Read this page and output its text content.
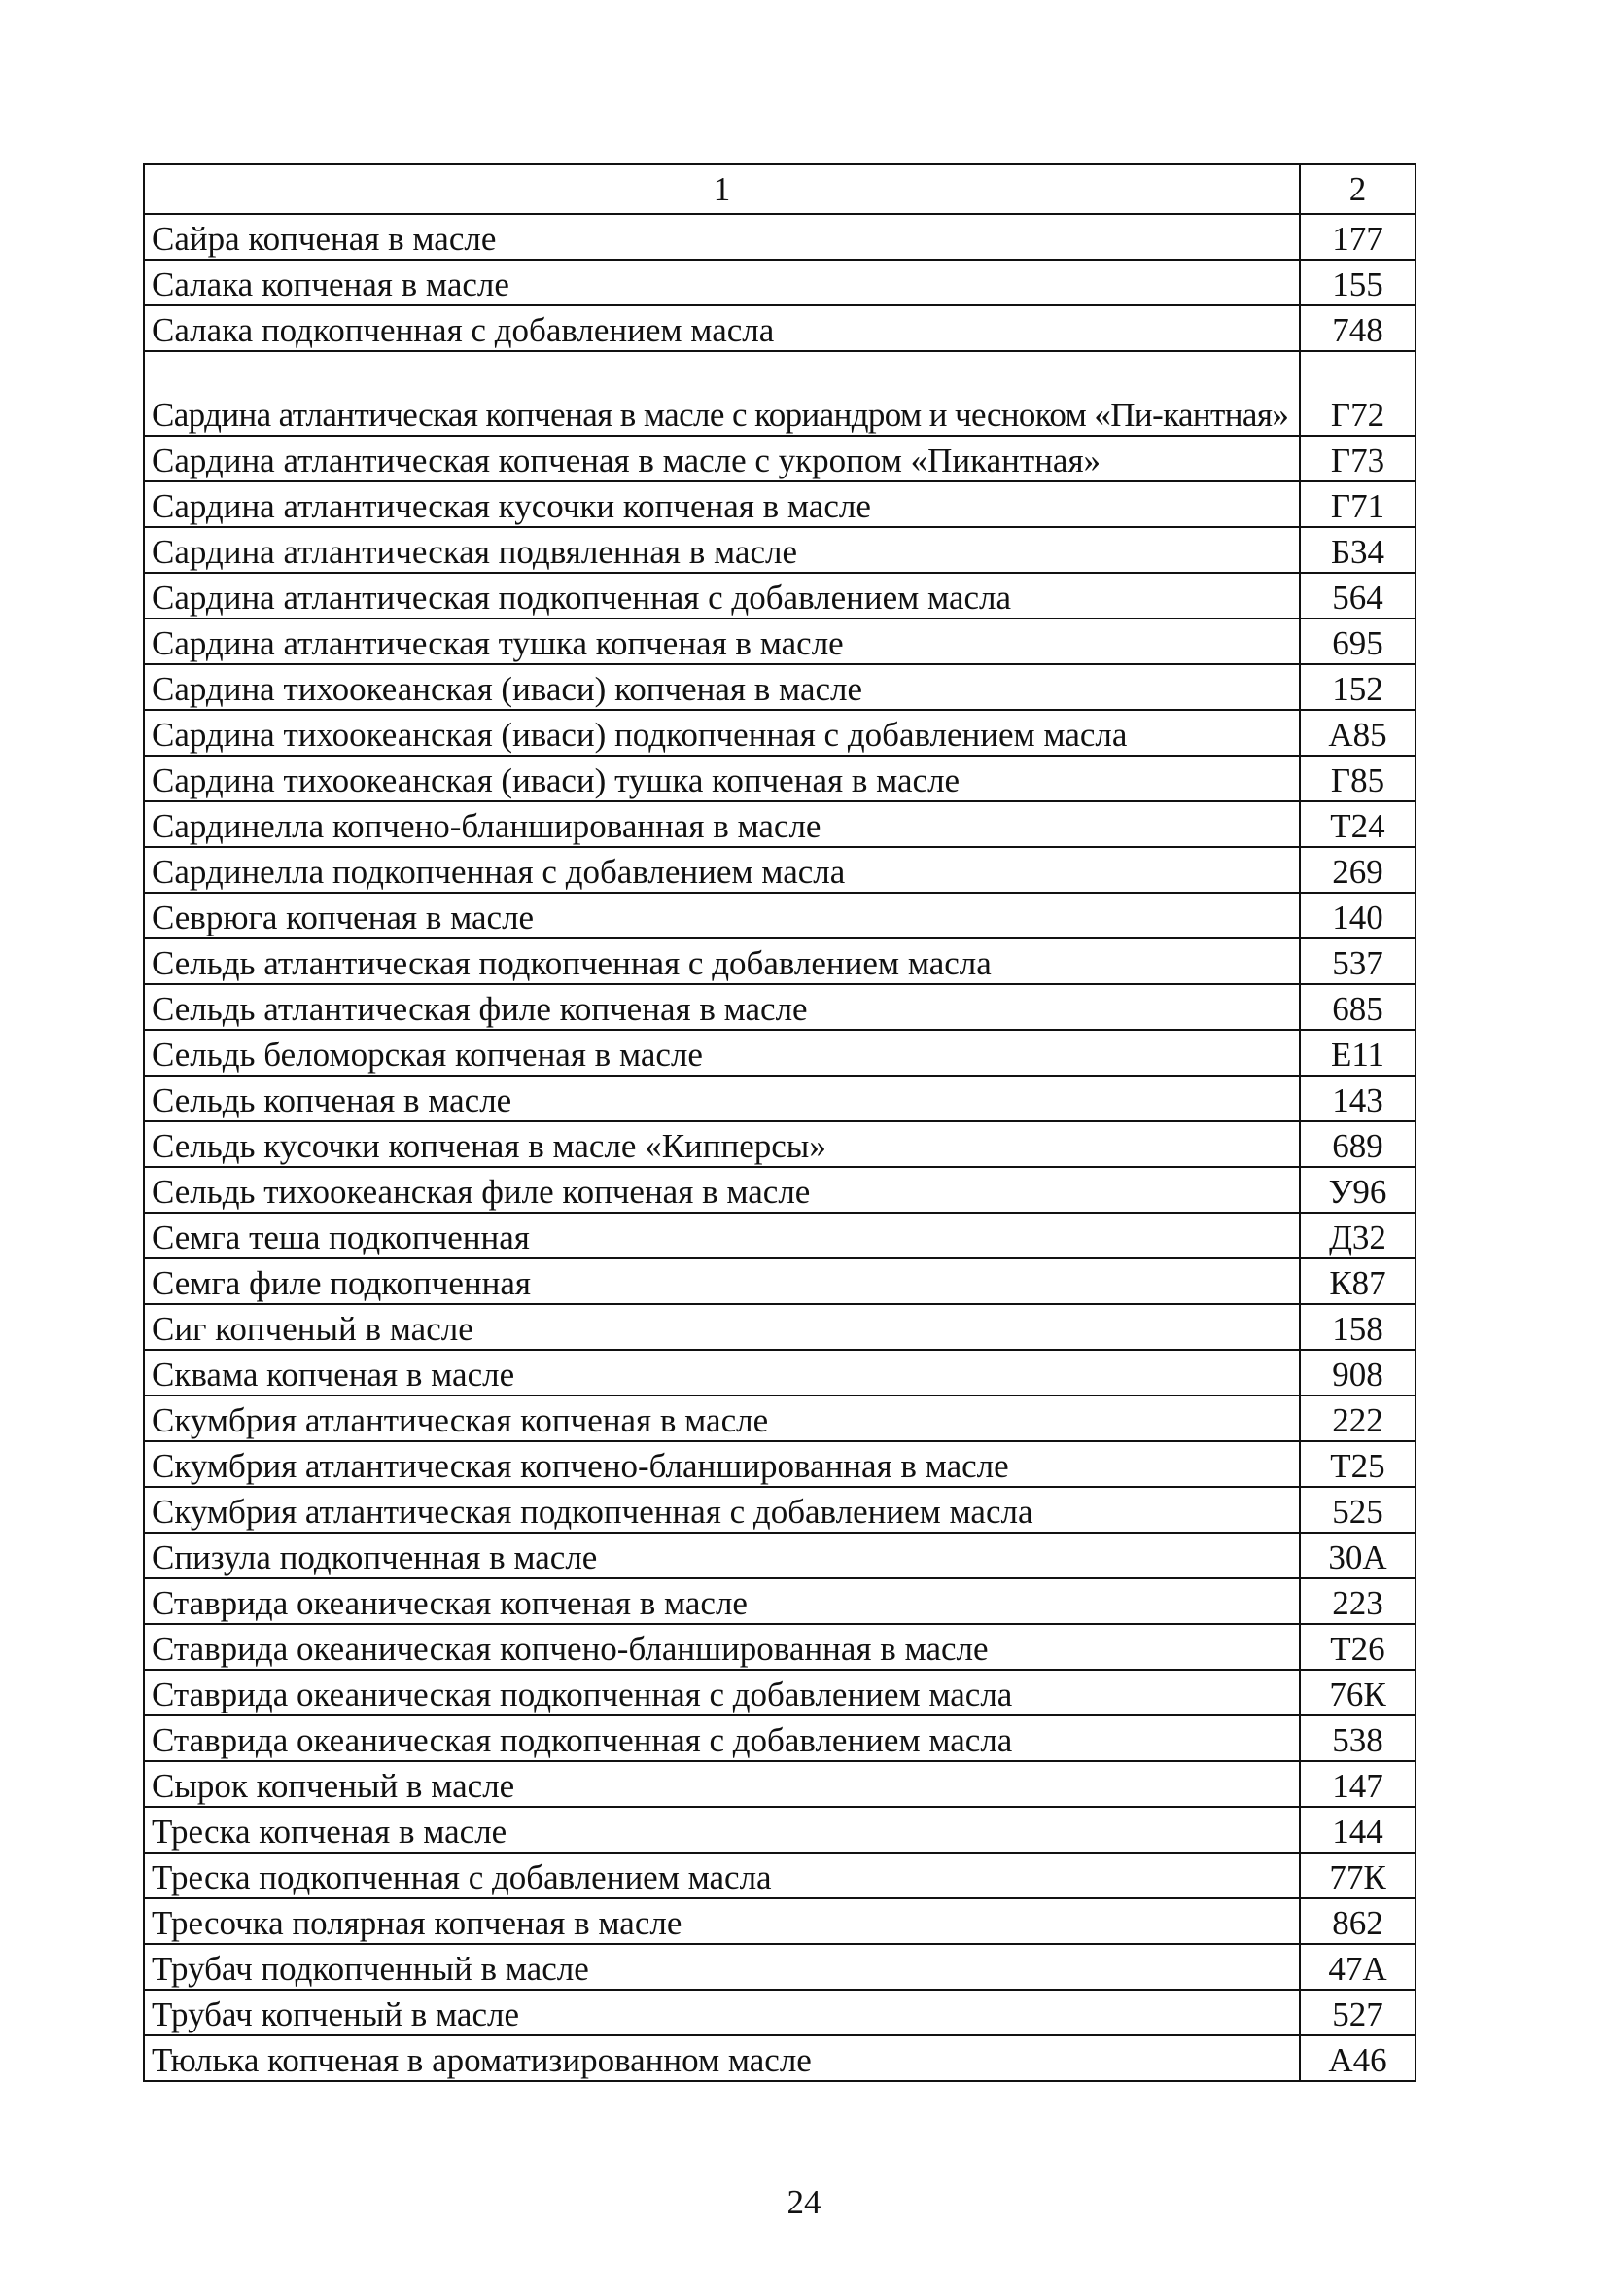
1	2
Сайра копченая в масле	177
Салака копченая в масле	155
Салака подкопченная с добавлением масла	748
Сардина атлантическая копченая в масле с кориандром и чесноком «Пи-кантная»	Г72
Сардина атлантическая копченая в масле с укропом «Пикантная»	Г73
Сардина атлантическая кусочки копченая в масле	Г71
Сардина атлантическая подвяленная в масле	Б34
Сардина атлантическая подкопченная с добавлением масла	564
Сардина атлантическая тушка копченая в масле	695
Сардина тихоокеанская (иваси) копченая в масле	152
Сардина тихоокеанская (иваси) подкопченная с добавлением масла	А85
Сардина тихоокеанская (иваси) тушка копченая в масле	Г85
Сардинелла копчено-бланшированная в масле	Т24
Сардинелла подкопченная с добавлением масла	269
Севрюга копченая в масле	140
Сельдь атлантическая подкопченная с добавлением масла	537
Сельдь атлантическая филе копченая в масле	685
Сельдь беломорская копченая в масле	Е11
Сельдь копченая в масле	143
Сельдь кусочки копченая в масле «Кипперсы»	689
Сельдь тихоокеанская филе копченая в масле	У96
Семга теша подкопченная	Д32
Семга филе подкопченная	К87
Сиг копченый в масле	158
Сквама копченая в масле	908
Скумбрия атлантическая копченая в масле	222
Скумбрия атлантическая копчено-бланшированная в масле	Т25
Скумбрия атлантическая подкопченная с добавлением масла	525
Спизула подкопченная в масле	30А
Ставрида океаническая копченая в масле	223
Ставрида океаническая копчено-бланшированная в масле	Т26
Ставрида океаническая подкопченная с добавлением масла	76К
Ставрида океаническая подкопченная с добавлением масла	538
Сырок копченый в масле	147
Треска копченая в масле	144
Треска подкопченная с добавлением масла	77К
Тресочка полярная копченая в масле	862
Трубач подкопченный в масле	47А
Трубач копченый в масле	527
Тюлька копченая в ароматизированном масле	А46
24
